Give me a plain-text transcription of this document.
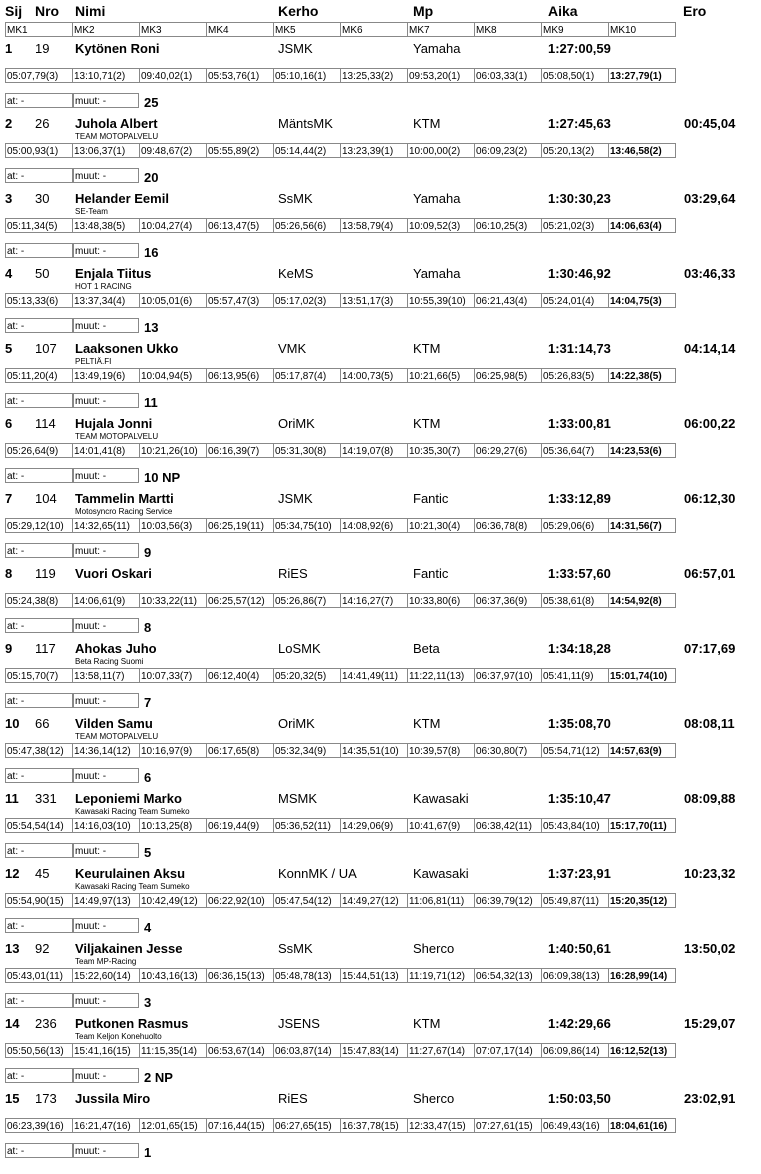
Sij Nro Nimi	Kerho	Mp	Aika	Ero
MK1	MK2	MK3	MK4	MK5	MK6	MK7	MK8	MK9	MK10
1 19 Kytönen Roni	JSMK	Yamaha	1:27:00,59
05:07,79(3)	13:10,71(2)	09:40,02(1)	05:53,76(1)	05:10,16(1)	13:25,33(2)	09:53,20(1)	06:03,33(1)	05:08,50(1)	13:27,79(1)
at: -	muut: -	25
2 26 Juhola Albert	MäntsMK	KTM	1:27:45,63	00:45,04
TEAM MOTOPALVELU
05:00,93(1)	13:06,37(1)	09:48,67(2)	05:55,89(2)	05:14,44(2)	13:23,39(1)	10:00,00(2)	06:09,23(2)	05:20,13(2)	13:46,58(2)
at: -	muut: -	20
3 30 Helander Eemil	SsMK	Yamaha	1:30:30,23	03:29,64
SE-Team
05:11,34(5)	13:48,38(5)	10:04,27(4)	06:13,47(5)	05:26,56(6)	13:58,79(4)	10:09,52(3)	06:10,25(3)	05:21,02(3)	14:06,63(4)
at: -	muut: -	16
4 50 Enjala Tiitus	KeMS	Yamaha	1:30:46,92	03:46,33
HOT 1 RACING
05:13,33(6)	13:37,34(4)	10:05,01(6)	05:57,47(3)	05:17,02(3)	13:51,17(3)	10:55,39(10)	06:21,43(4)	05:24,01(4)	14:04,75(3)
at: -	muut: -	13
5 107 Laaksonen Ukko	VMK	KTM	1:31:14,73	04:14,14
PELTIÄ.FI
05:11,20(4)	13:49,19(6)	10:04,94(5)	06:13,95(6)	05:17,87(4)	14:00,73(5)	10:21,66(5)	06:25,98(5)	05:26,83(5)	14:22,38(5)
at: -	muut: -	11
6 114 Hujala Jonni	OriMK	KTM	1:33:00,81	06:00,22
TEAM MOTOPALVELU
05:26,64(9)	14:01,41(8)	10:21,26(10)	06:16,39(7)	05:31,30(8)	14:19,07(8)	10:35,30(7)	06:29,27(6)	05:36,64(7)	14:23,53(6)
at: -	muut: -	10 NP
7 104 Tammelin Martti	JSMK	Fantic	1:33:12,89	06:12,30
Motosyncro Racing Service
05:29,12(10)	14:32,65(11)	10:03,56(3)	06:25,19(11)	05:34,75(10)	14:08,92(6)	10:21,30(4)	06:36,78(8)	05:29,06(6)	14:31,56(7)
at: -	muut: -	9
8 119 Vuori Oskari	RiES	Fantic	1:33:57,60	06:57,01
05:24,38(8)	14:06,61(9)	10:33,22(11)	06:25,57(12)	05:26,86(7)	14:16,27(7)	10:33,80(6)	06:37,36(9)	05:38,61(8)	14:54,92(8)
at: -	muut: -	8
9 117 Ahokas Juho	LoSMK	Beta	1:34:18,28	07:17,69
Beta Racing Suomi
05:15,70(7)	13:58,11(7)	10:07,33(7)	06:12,40(4)	05:20,32(5)	14:41,49(11)	11:22,11(13)	06:37,97(10)	05:41,11(9)	15:01,74(10)
at: -	muut: -	7
10 66 Vilden Samu	OriMK	KTM	1:35:08,70	08:08,11
TEAM MOTOPALVELU
05:47,38(12)	14:36,14(12)	10:16,97(9)	06:17,65(8)	05:32,34(9)	14:35,51(10)	10:39,57(8)	06:30,80(7)	05:54,71(12)	14:57,63(9)
at: -	muut: -	6
11 331 Leponiemi Marko	MSMK	Kawasaki	1:35:10,47	08:09,88
Kawasaki Racing Team Sumeko
05:54,54(14)	14:16,03(10)	10:13,25(8)	06:19,44(9)	05:36,52(11)	14:29,06(9)	10:41,67(9)	06:38,42(11)	05:43,84(10)	15:17,70(11)
at: -	muut: -	5
12 45 Keurulainen Aksu	KonnMK / UA	Kawasaki	1:37:23,91	10:23,32
Kawasaki Racing Team Sumeko
05:54,90(15)	14:49,97(13)	10:42,49(12)	06:22,92(10)	05:47,54(12)	14:49,27(12)	11:06,81(11)	06:39,79(12)	05:49,87(11)	15:20,35(12)
at: -	muut: -	4
13 92 Viljakainen Jesse	SsMK	Sherco	1:40:50,61	13:50,02
Team MP-Racing
05:43,01(11)	15:22,60(14)	10:43,16(13)	06:36,15(13)	05:48,78(13)	15:44,51(13)	11:19,71(12)	06:54,32(13)	06:09,38(13)	16:28,99(14)
at: -	muut: -	3
14 236 Putkonen Rasmus	JSENS	KTM	1:42:29,66	15:29,07
Team Keljon Konehuolto
05:50,56(13)	15:41,16(15)	11:15,35(14)	06:53,67(14)	06:03,87(14)	15:47,83(14)	11:27,67(14)	07:07,17(14)	06:09,86(14)	16:12,52(13)
at: -	muut: -	2 NP
15 173 Jussila Miro	RiES	Sherco	1:50:03,50	23:02,91
06:23,39(16)	16:21,47(16)	12:01,65(15)	07:16,44(15)	06:27,65(15)	16:37,78(15)	12:33,47(15)	07:27,61(15)	06:49,43(16)	18:04,61(16)
at: -	muut: -	1
